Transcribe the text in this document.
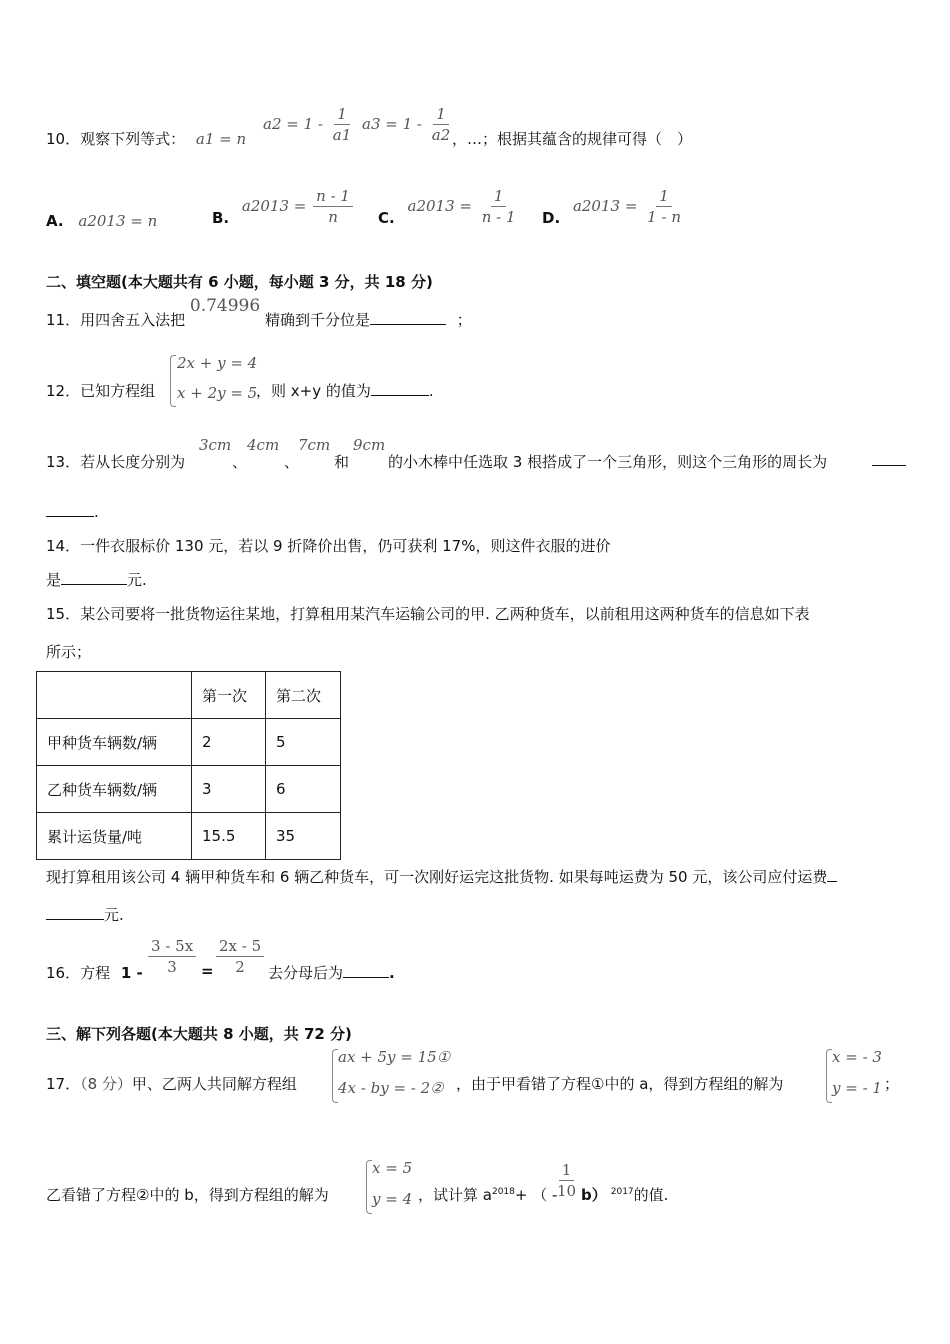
10．观察下列等式： a1 = n
$a2 = 1 - \frac{1}{a1} a3 = 1 - \frac{1}{a2}$
，…；根据其蕴含的规律可得（　）
A. a2013 = n	B. $a2013 = \frac{n - 1}{n} C$. $a2013 = \frac{1}{n - 1} D$. $a2013 = \frac{1}{1 - n}$
二、填空题(本大题共有 6 小题，每小题 3 分，共 18 分)
11．用四舍五入法把 0.74996 精确到千分位是	；
12．已知方程组
2x + y = 4
x + 2y = 5
，则 x+y 的值为	.
13．若从长度分别为
3cm
、
4cm
、
7cm
和
9cm
的小木棒中任选取 3 根搭成了一个三角形，则这个三角形的周长为
.
14．一件衣服标价 130 元，若以 9 折降价出售，仍可获利 17%，则这件衣服的进价
是	元.
15．某公司要将一批货物运往某地，打算租用某汽车运输公司的甲. 乙两种货车，以前租用这两种货车的信息如下表
所示；
	第一次	第二次
甲种货车辆数/辆	2	5
乙种货车辆数/辆	3	6
累计运货量/吨	15.5	35
现打算租用该公司 4 辆甲种货车和 6 辆乙种货车，可一次刚好运完这批货物. 如果每吨运费为 50 元，该公司应付运费
元.
16．方程 $1 - \frac{3 - 5x}{3} = \frac{2x - 5}{2}$ 去分母后为	.
三、解下列各题(本大题共 8 小题，共 72 分)
17．（8 分）甲、乙两人共同解方程组
ax + 5y = 15①
4x - by = - 2② ，由于甲看错了方程①中的 a，得到方程组的解为
x = - 3
y = - 1 ；
乙看错了方程②中的 b，得到方程组的解为
x = 5
y = 4 ，试计算 $a^{2018}+$ （ -
$\frac{1}{10} b$） $^{2017}$的值.
